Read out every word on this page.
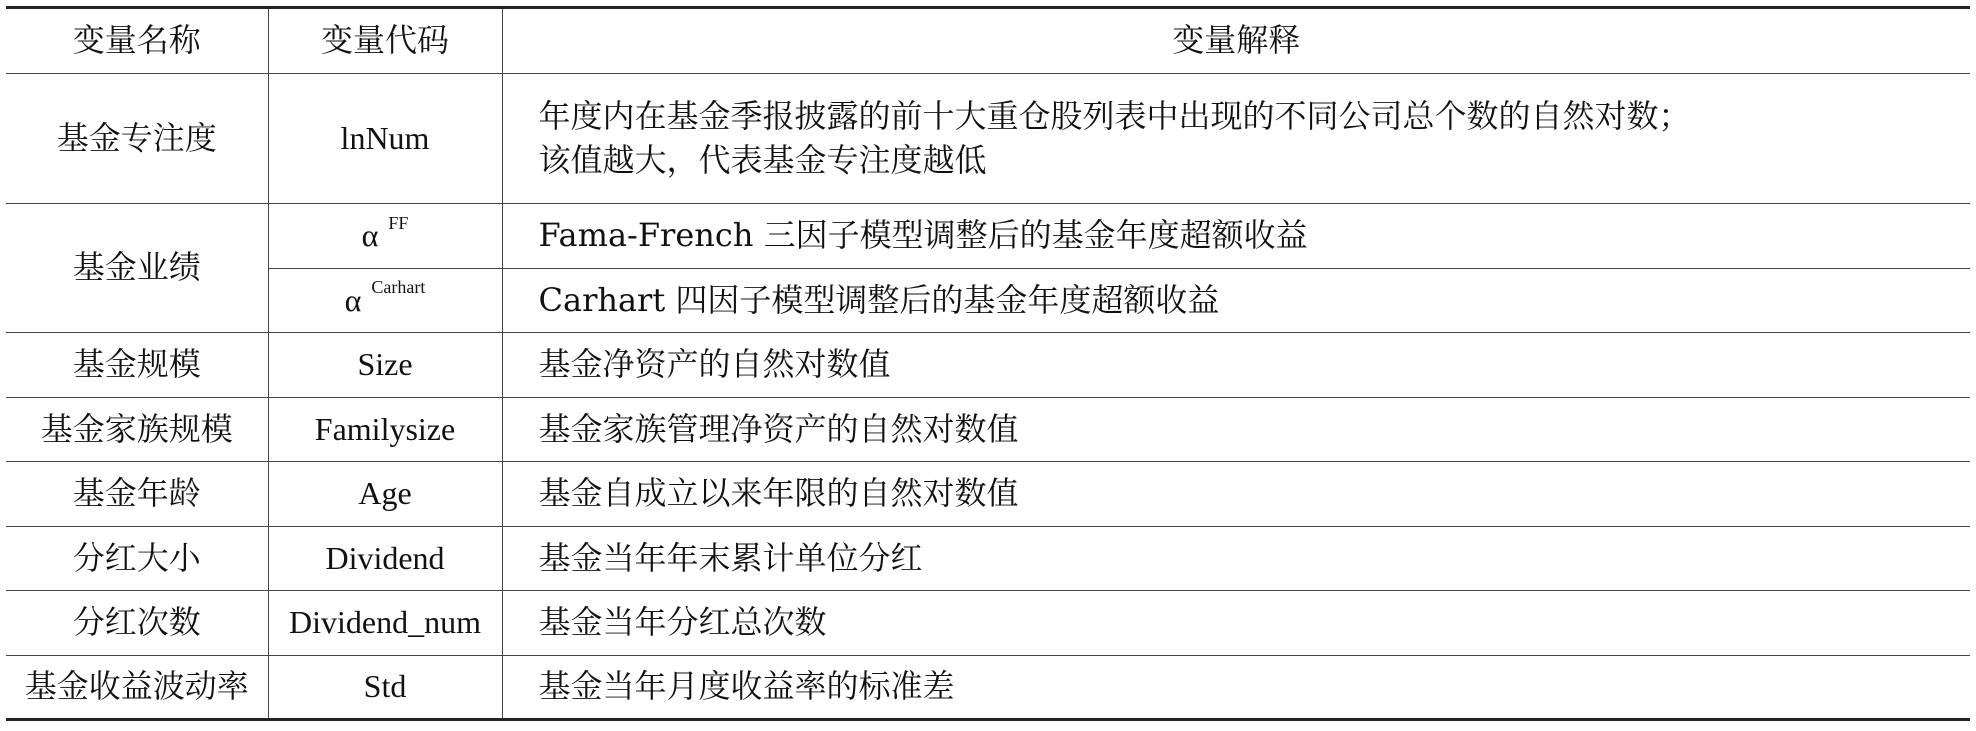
变量名称	变量代码	变量解释
基金专注度	lnNum	年度内在基金季报披露的前十大重仓股列表中出现的不同公司总个数的自然对数；
该值越大，代表基金专注度越低

基金业绩	α $^{FF}$	Fama-French 三因子模型调整后的基金年度超额收益
	α $^{Carhart}$	Carhart 四因子模型调整后的基金年度超额收益
基金规模	Size	基金净资产的自然对数值
基金家族规模	Familysize	基金家族管理净资产的自然对数值
基金年龄	Age	基金自成立以来年限的自然对数值
分红大小	Dividend	基金当年年末累计单位分红
分红次数	Dividend_num	基金当年分红总次数
基金收益波动率	Std	基金当年月度收益率的标准差
